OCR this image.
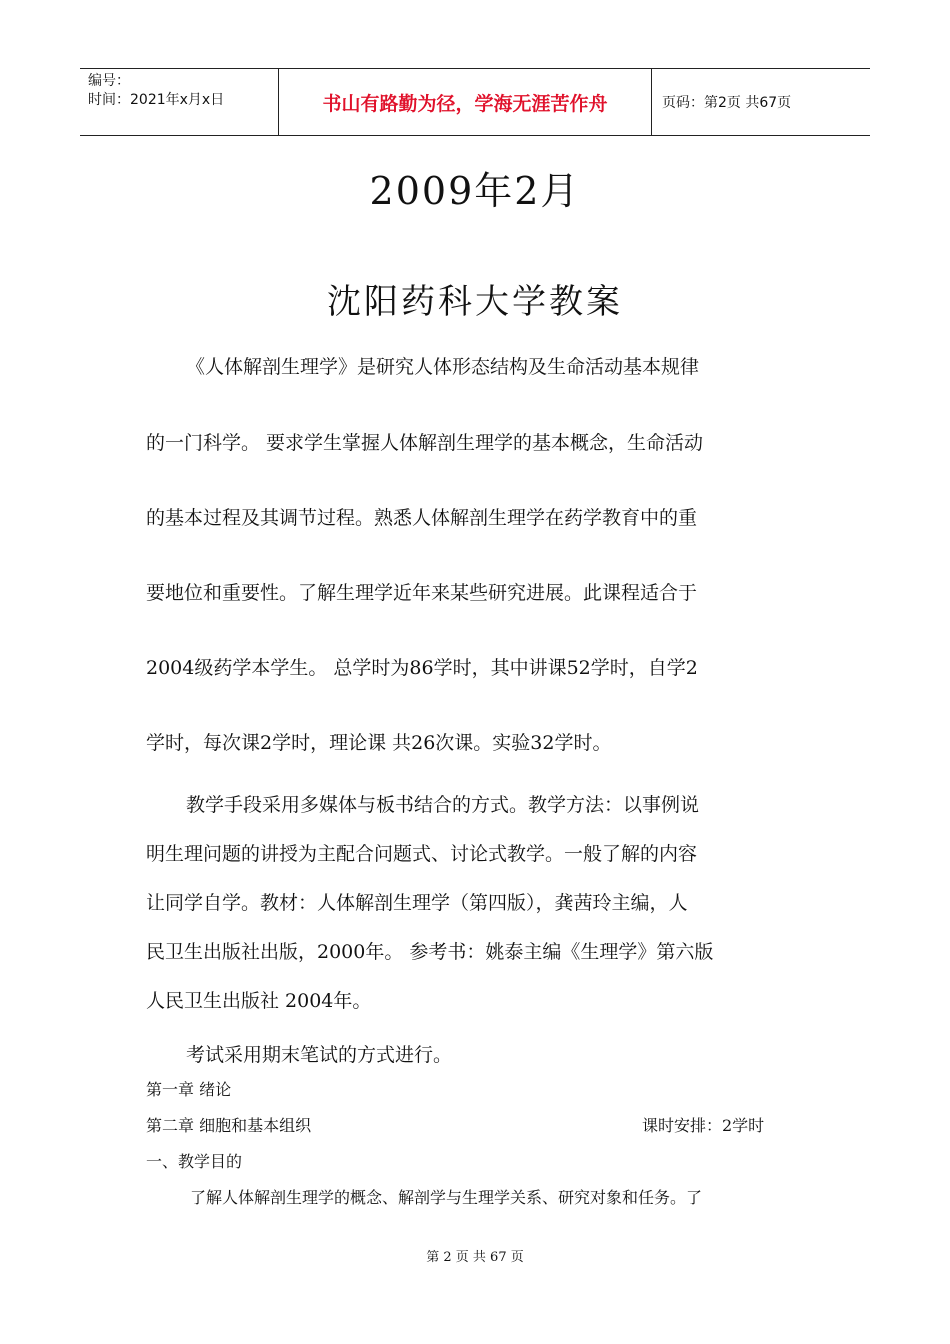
编号：
时间：2021年x月x日	书山有路勤为径，学海无涯苦作舟	页码：第2页 共67页
2009年2月
沈阳药科大学教案
《人体解剖生理学》是研究人体形态结构及生命活动基本规律
的一门科学。 要求学生掌握人体解剖生理学的基本概念，生命活动
的基本过程及其调节过程。熟悉人体解剖生理学在药学教育中的重
要地位和重要性。了解生理学近年来某些研究进展。此课程适合于
2004级药学本学生。 总学时为86学时，其中讲课52学时，自学2
学时，每次课2学时，理论课 共26次课。实验32学时。
教学手段采用多媒体与板书结合的方式。教学方法：以事例说
明生理问题的讲授为主配合问题式、讨论式教学。一般了解的内容
让同学自学。教材：人体解剖生理学（第四版），龚茜玲主编，人
民卫生出版社出版，2000年。 参考书：姚泰主编《生理学》第六版
人民卫生出版社 2004年。
考试采用期末笔试的方式进行。
第一章 绪论
第二章 细胞和基本组织	课时安排：2学时
一、教学目的
了解人体解剖生理学的概念、解剖学与生理学关系、研究对象和任务。了
第 2 页 共 67 页
